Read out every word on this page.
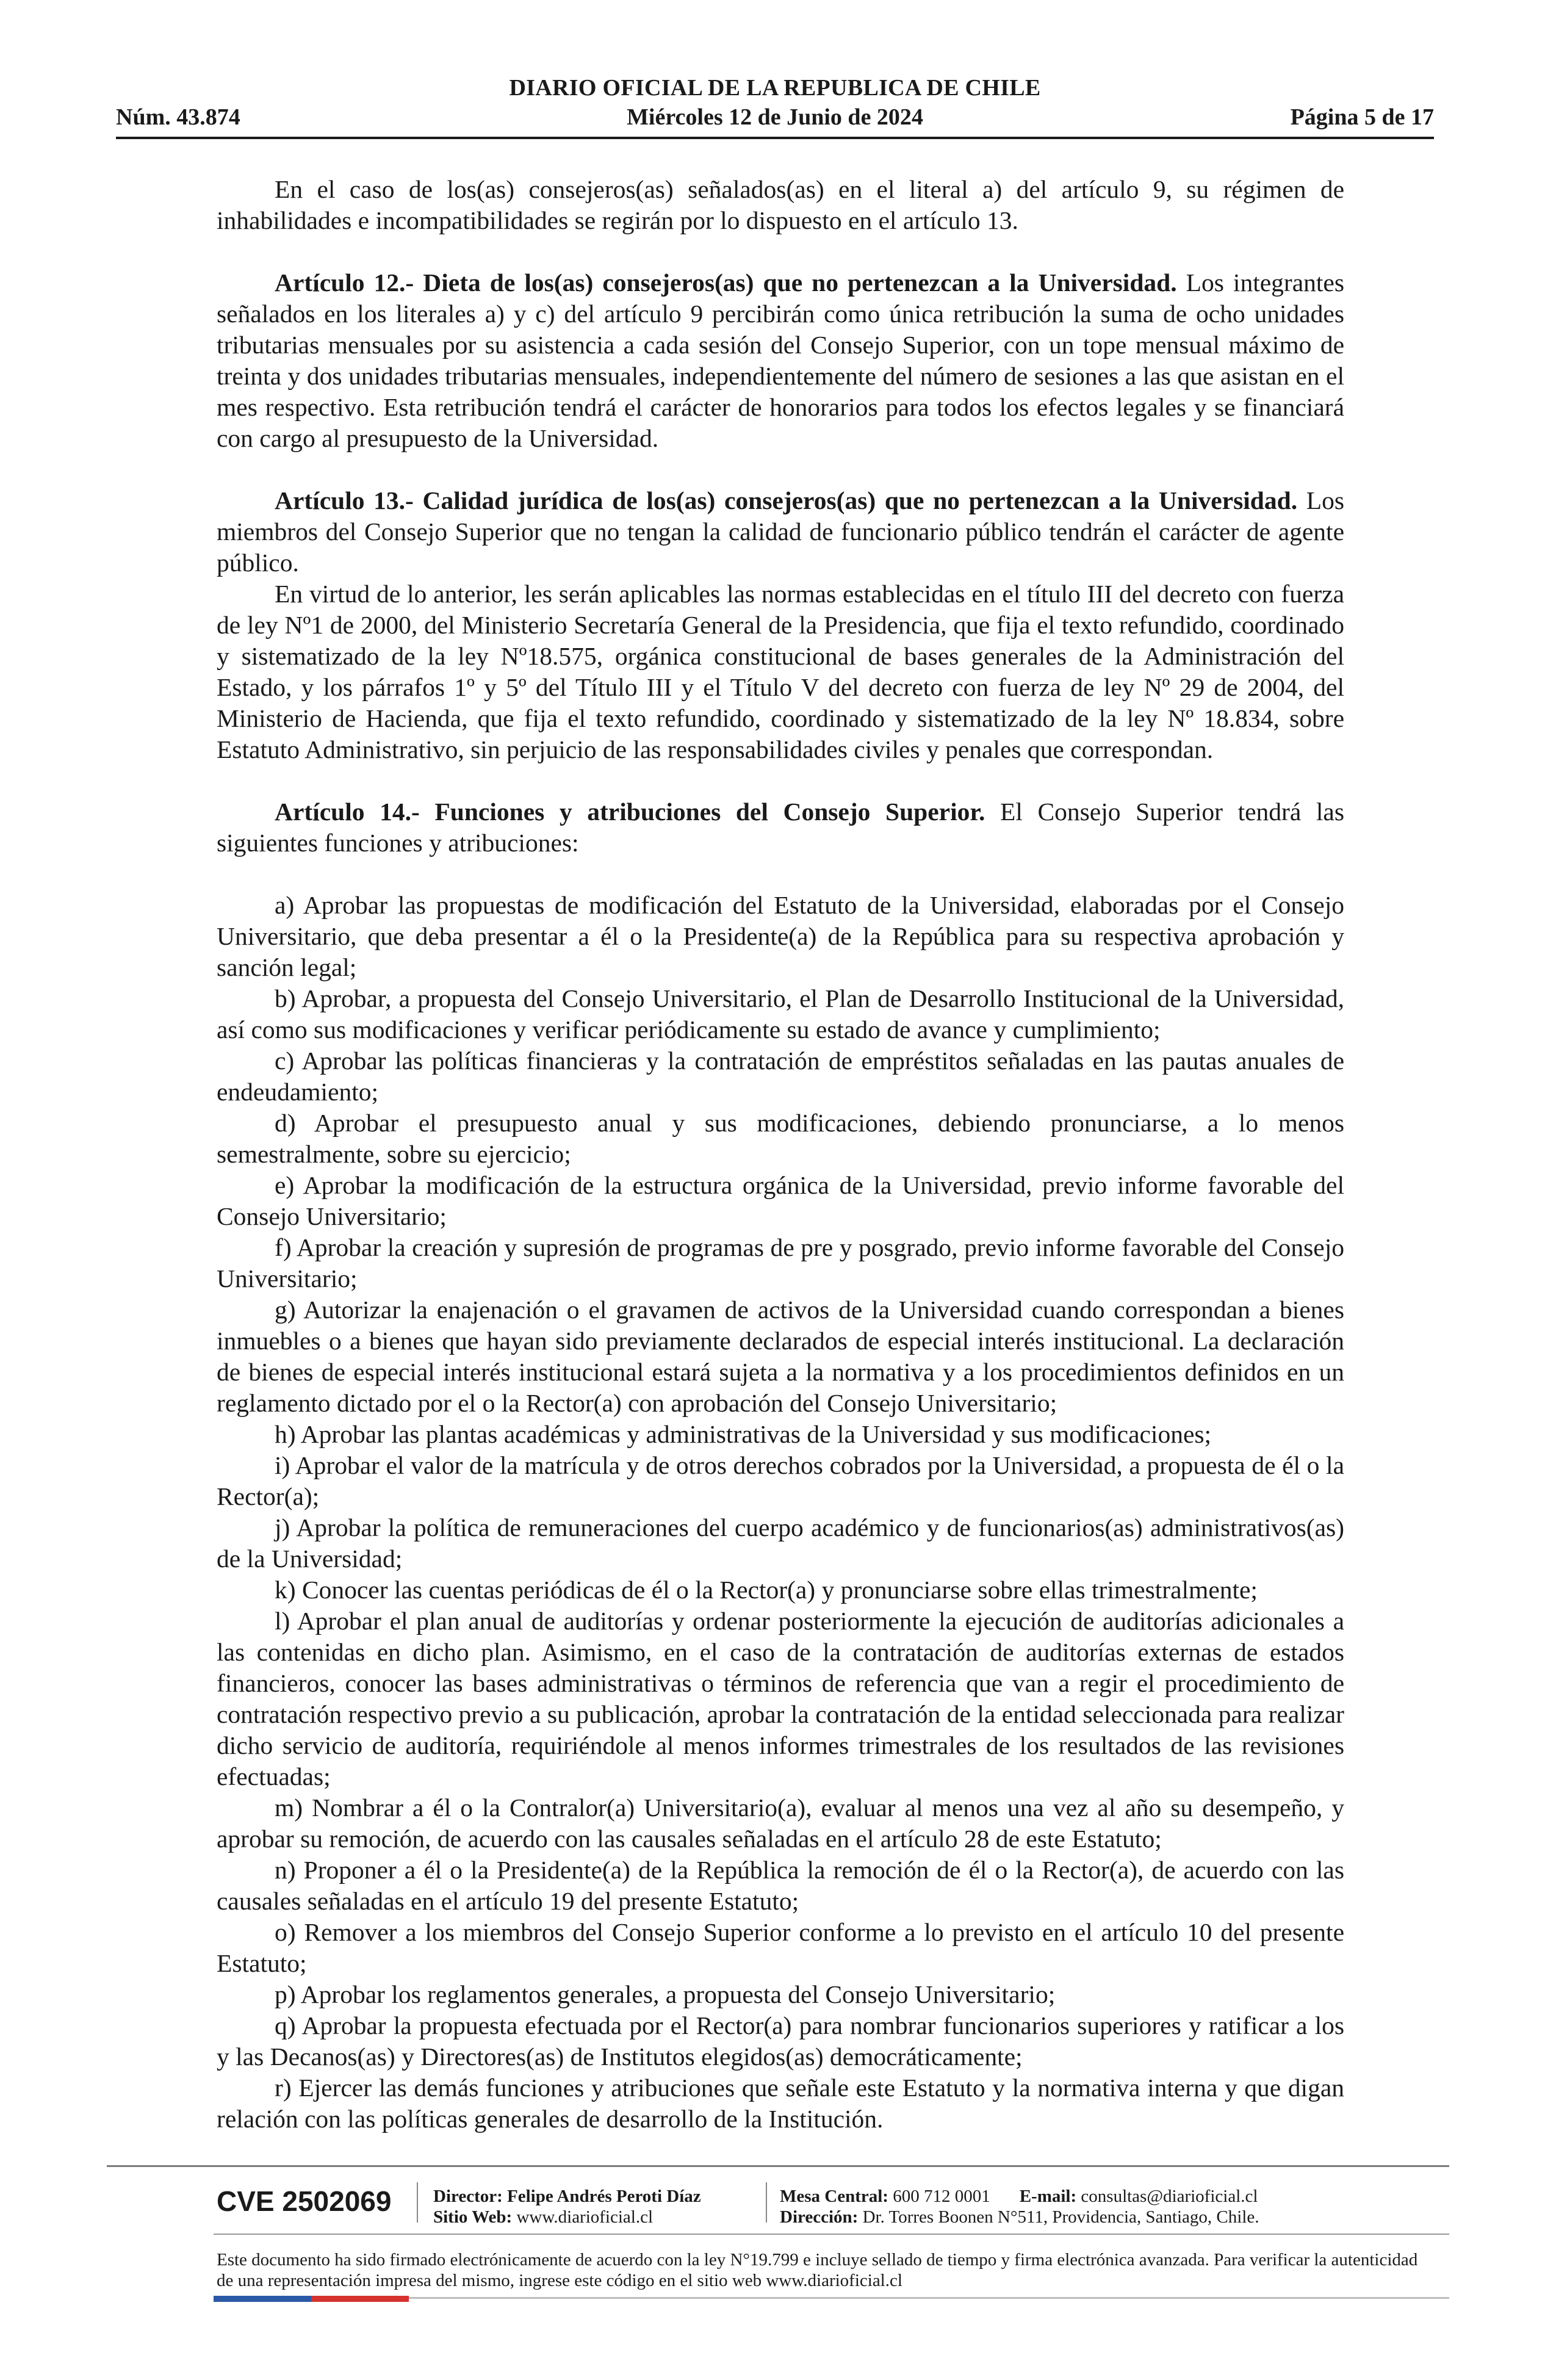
DIARIO OFICIAL DE LA REPUBLICA DE CHILE
Núm. 43.874	Miércoles 12 de Junio de 2024	Página 5 de 17

En el caso de los(as) consejeros(as) señalados(as) en el literal a) del artículo 9, su régimen de inhabilidades e incompatibilidades se regirán por lo dispuesto en el artículo 13.

Artículo 12.- Dieta de los(as) consejeros(as) que no pertenezcan a la Universidad. Los integrantes señalados en los literales a) y c) del artículo 9 percibirán como única retribución la suma de ocho unidades tributarias mensuales por su asistencia a cada sesión del Consejo Superior, con un tope mensual máximo de treinta y dos unidades tributarias mensuales, independientemente del número de sesiones a las que asistan en el mes respectivo. Esta retribución tendrá el carácter de honorarios para todos los efectos legales y se financiará con cargo al presupuesto de la Universidad.

Artículo 13.- Calidad jurídica de los(as) consejeros(as) que no pertenezcan a la Universidad. Los miembros del Consejo Superior que no tengan la calidad de funcionario público tendrán el carácter de agente público.

En virtud de lo anterior, les serán aplicables las normas establecidas en el título III del decreto con fuerza de ley Nº1 de 2000, del Ministerio Secretaría General de la Presidencia, que fija el texto refundido, coordinado y sistematizado de la ley Nº18.575, orgánica constitucional de bases generales de la Administración del Estado, y los párrafos 1º y 5º del Título III y el Título V del decreto con fuerza de ley Nº 29 de 2004, del Ministerio de Hacienda, que fija el texto refundido, coordinado y sistematizado de la ley Nº 18.834, sobre Estatuto Administrativo, sin perjuicio de las responsabilidades civiles y penales que correspondan.

Artículo 14.- Funciones y atribuciones del Consejo Superior. El Consejo Superior tendrá las siguientes funciones y atribuciones:

a) Aprobar las propuestas de modificación del Estatuto de la Universidad, elaboradas por el Consejo Universitario, que deba presentar a él o la Presidente(a) de la República para su respectiva aprobación y sanción legal;

b) Aprobar, a propuesta del Consejo Universitario, el Plan de Desarrollo Institucional de la Universidad, así como sus modificaciones y verificar periódicamente su estado de avance y cumplimiento;

c) Aprobar las políticas financieras y la contratación de empréstitos señaladas en las pautas anuales de endeudamiento;

d) Aprobar el presupuesto anual y sus modificaciones, debiendo pronunciarse, a lo menos semestralmente, sobre su ejercicio;

e) Aprobar la modificación de la estructura orgánica de la Universidad, previo informe favorable del Consejo Universitario;

f) Aprobar la creación y supresión de programas de pre y posgrado, previo informe favorable del Consejo Universitario;

g) Autorizar la enajenación o el gravamen de activos de la Universidad cuando correspondan a bienes inmuebles o a bienes que hayan sido previamente declarados de especial interés institucional. La declaración de bienes de especial interés institucional estará sujeta a la normativa y a los procedimientos definidos en un reglamento dictado por el o la Rector(a) con aprobación del Consejo Universitario;

h) Aprobar las plantas académicas y administrativas de la Universidad y sus modificaciones;

i) Aprobar el valor de la matrícula y de otros derechos cobrados por la Universidad, a propuesta de él o la Rector(a);

j) Aprobar la política de remuneraciones del cuerpo académico y de funcionarios(as) administrativos(as) de la Universidad;

k) Conocer las cuentas periódicas de él o la Rector(a) y pronunciarse sobre ellas trimestralmente;

l) Aprobar el plan anual de auditorías y ordenar posteriormente la ejecución de auditorías adicionales a las contenidas en dicho plan. Asimismo, en el caso de la contratación de auditorías externas de estados financieros, conocer las bases administrativas o términos de referencia que van a regir el procedimiento de contratación respectivo previo a su publicación, aprobar la contratación de la entidad seleccionada para realizar dicho servicio de auditoría, requiriéndole al menos informes trimestrales de los resultados de las revisiones efectuadas;

m) Nombrar a él o la Contralor(a) Universitario(a), evaluar al menos una vez al año su desempeño, y aprobar su remoción, de acuerdo con las causales señaladas en el artículo 28 de este Estatuto;

n) Proponer a él o la Presidente(a) de la República la remoción de él o la Rector(a), de acuerdo con las causales señaladas en el artículo 19 del presente Estatuto;

o) Remover a los miembros del Consejo Superior conforme a lo previsto en el artículo 10 del presente Estatuto;

p) Aprobar los reglamentos generales, a propuesta del Consejo Universitario;

q) Aprobar la propuesta efectuada por el Rector(a) para nombrar funcionarios superiores y ratificar a los y las Decanos(as) y Directores(as) de Institutos elegidos(as) democráticamente;

r) Ejercer las demás funciones y atribuciones que señale este Estatuto y la normativa interna y que digan relación con las políticas generales de desarrollo de la Institución.

CVE 2502069 Director: Felipe Andrés Peroti Díaz
Sitio Web: www.diarioficial.cl
Mesa Central: 600 712 0001 E-mail: consultas@diarioficial.cl
Dirección: Dr. Torres Boonen N°511, Providencia, Santiago, Chile.
Este documento ha sido firmado electrónicamente de acuerdo con la ley N°19.799 e incluye sellado de tiempo y firma electrónica avanzada. Para verificar la autenticidad de una representación impresa del mismo, ingrese este código en el sitio web www.diarioficial.cl
